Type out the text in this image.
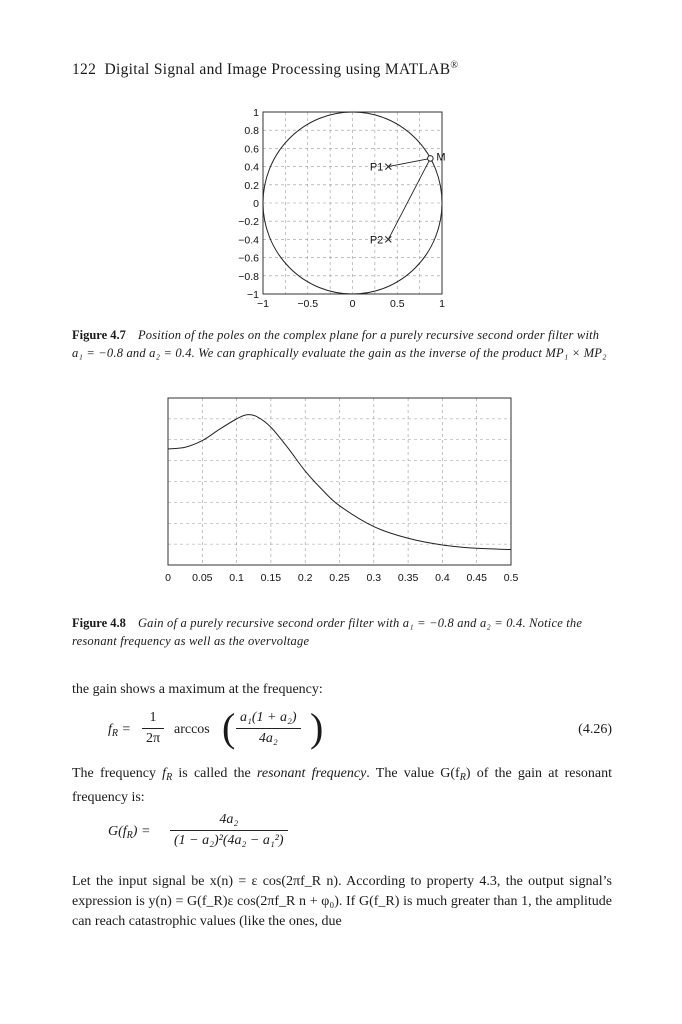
122 Digital Signal and Image Processing using MATLAB®
1
0.8
0.6
0.4
0.2
0
−0.2
−0.4
−0.6
−0.8
−1
−1	−0.5	0	0.5	1
P1
P2
M
Figure 4.7 Position of the poles on the complex plane for a purely recursive second order filter with a₁ = −0.8 and a₂ = 0.4. We can graphically evaluate the gain as the inverse of the product MP₁ × MP₂
0 0.05 0.1 0.15 0.2 0.25 0.3 0.35 0.4 0.45 0.5
Figure 4.8 Gain of a purely recursive second order filter with a₁ = −0.8 and a₂ = 0.4. Notice the resonant frequency as well as the overvoltage
the gain shows a maximum at the frequency:
$f_R = \frac{1}{2\pi}$ arccos ( $\frac{\text{a₁(1 + a₂)}}{\text{4a₂}}$ )	(4.26)
The frequency $f_R$ is called the resonant frequency. The value $G(f_R)$ of the gain at resonant frequency is:
$G(f_R) = \frac{\text{4a₂}}{\text{(1 − a₂)²(4a₂ − a₁²)}}$
Let the input signal be x(n) = ε cos(2πf_R n). According to property 4.3, the output signal’s expression is y(n) = G(f_R)ε cos(2πf_R n + φ₀). If G(f_R) is much greater than 1, the amplitude can reach catastrophic values (like the ones, due
